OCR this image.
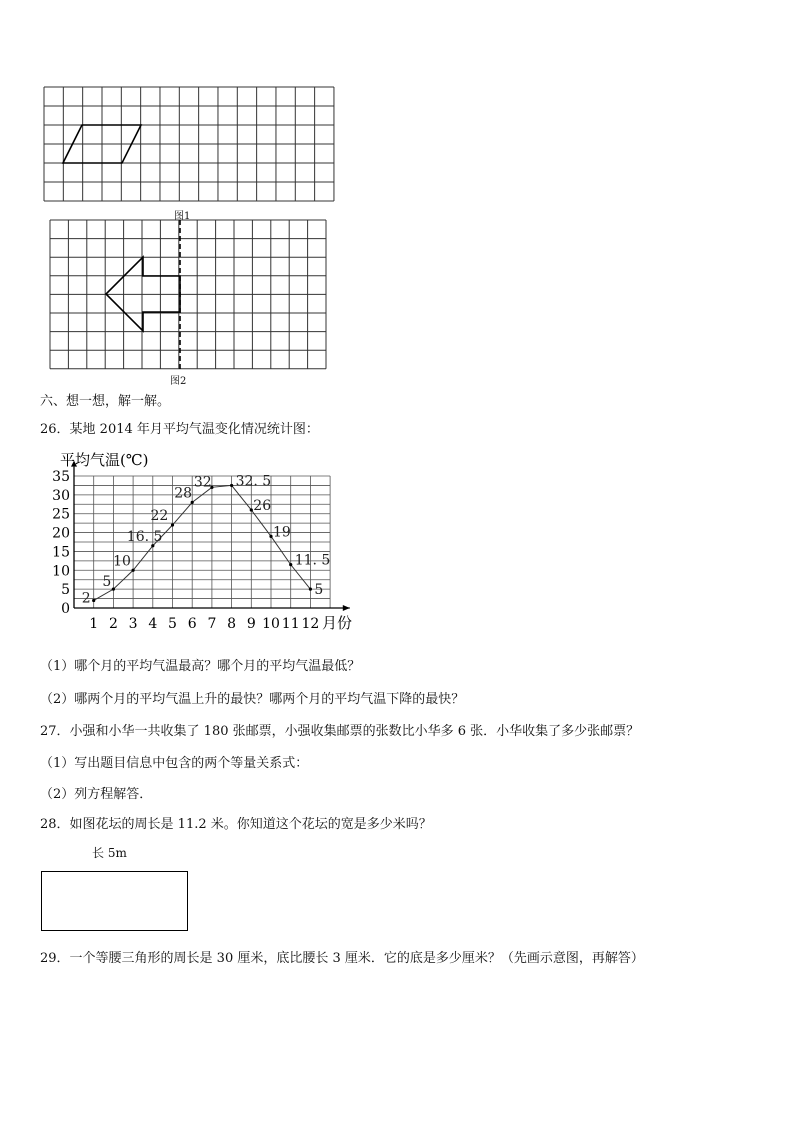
图1
图2
六、想一想，解一解。
26．某地 2014 年月平均气温变化情况统计图：
0
5
10
15
20
25
30
35
1 2 3 4 5 6 7 8 9 10 11 12
2
5
10
16. 5
22
28
32 32. 5
26
19
11. 5
5
平均气温(℃)
月份
（1）哪个月的平均气温最高？哪个月的平均气温最低？
（2）哪两个月的平均气温上升的最快？哪两个月的平均气温下降的最快？
27．小强和小华一共收集了 180 张邮票，小强收集邮票的张数比小华多 6 张．小华收集了多少张邮票？
（1）写出题目信息中包含的两个等量关系式：
（2）列方程解答．
28．如图花坛的周长是 11.2 米。你知道这个花坛的宽是多少米吗？
长 5m
29．一个等腰三角形的周长是 30 厘米，底比腰长 3 厘米．它的底是多少厘米？（先画示意图，再解答）
